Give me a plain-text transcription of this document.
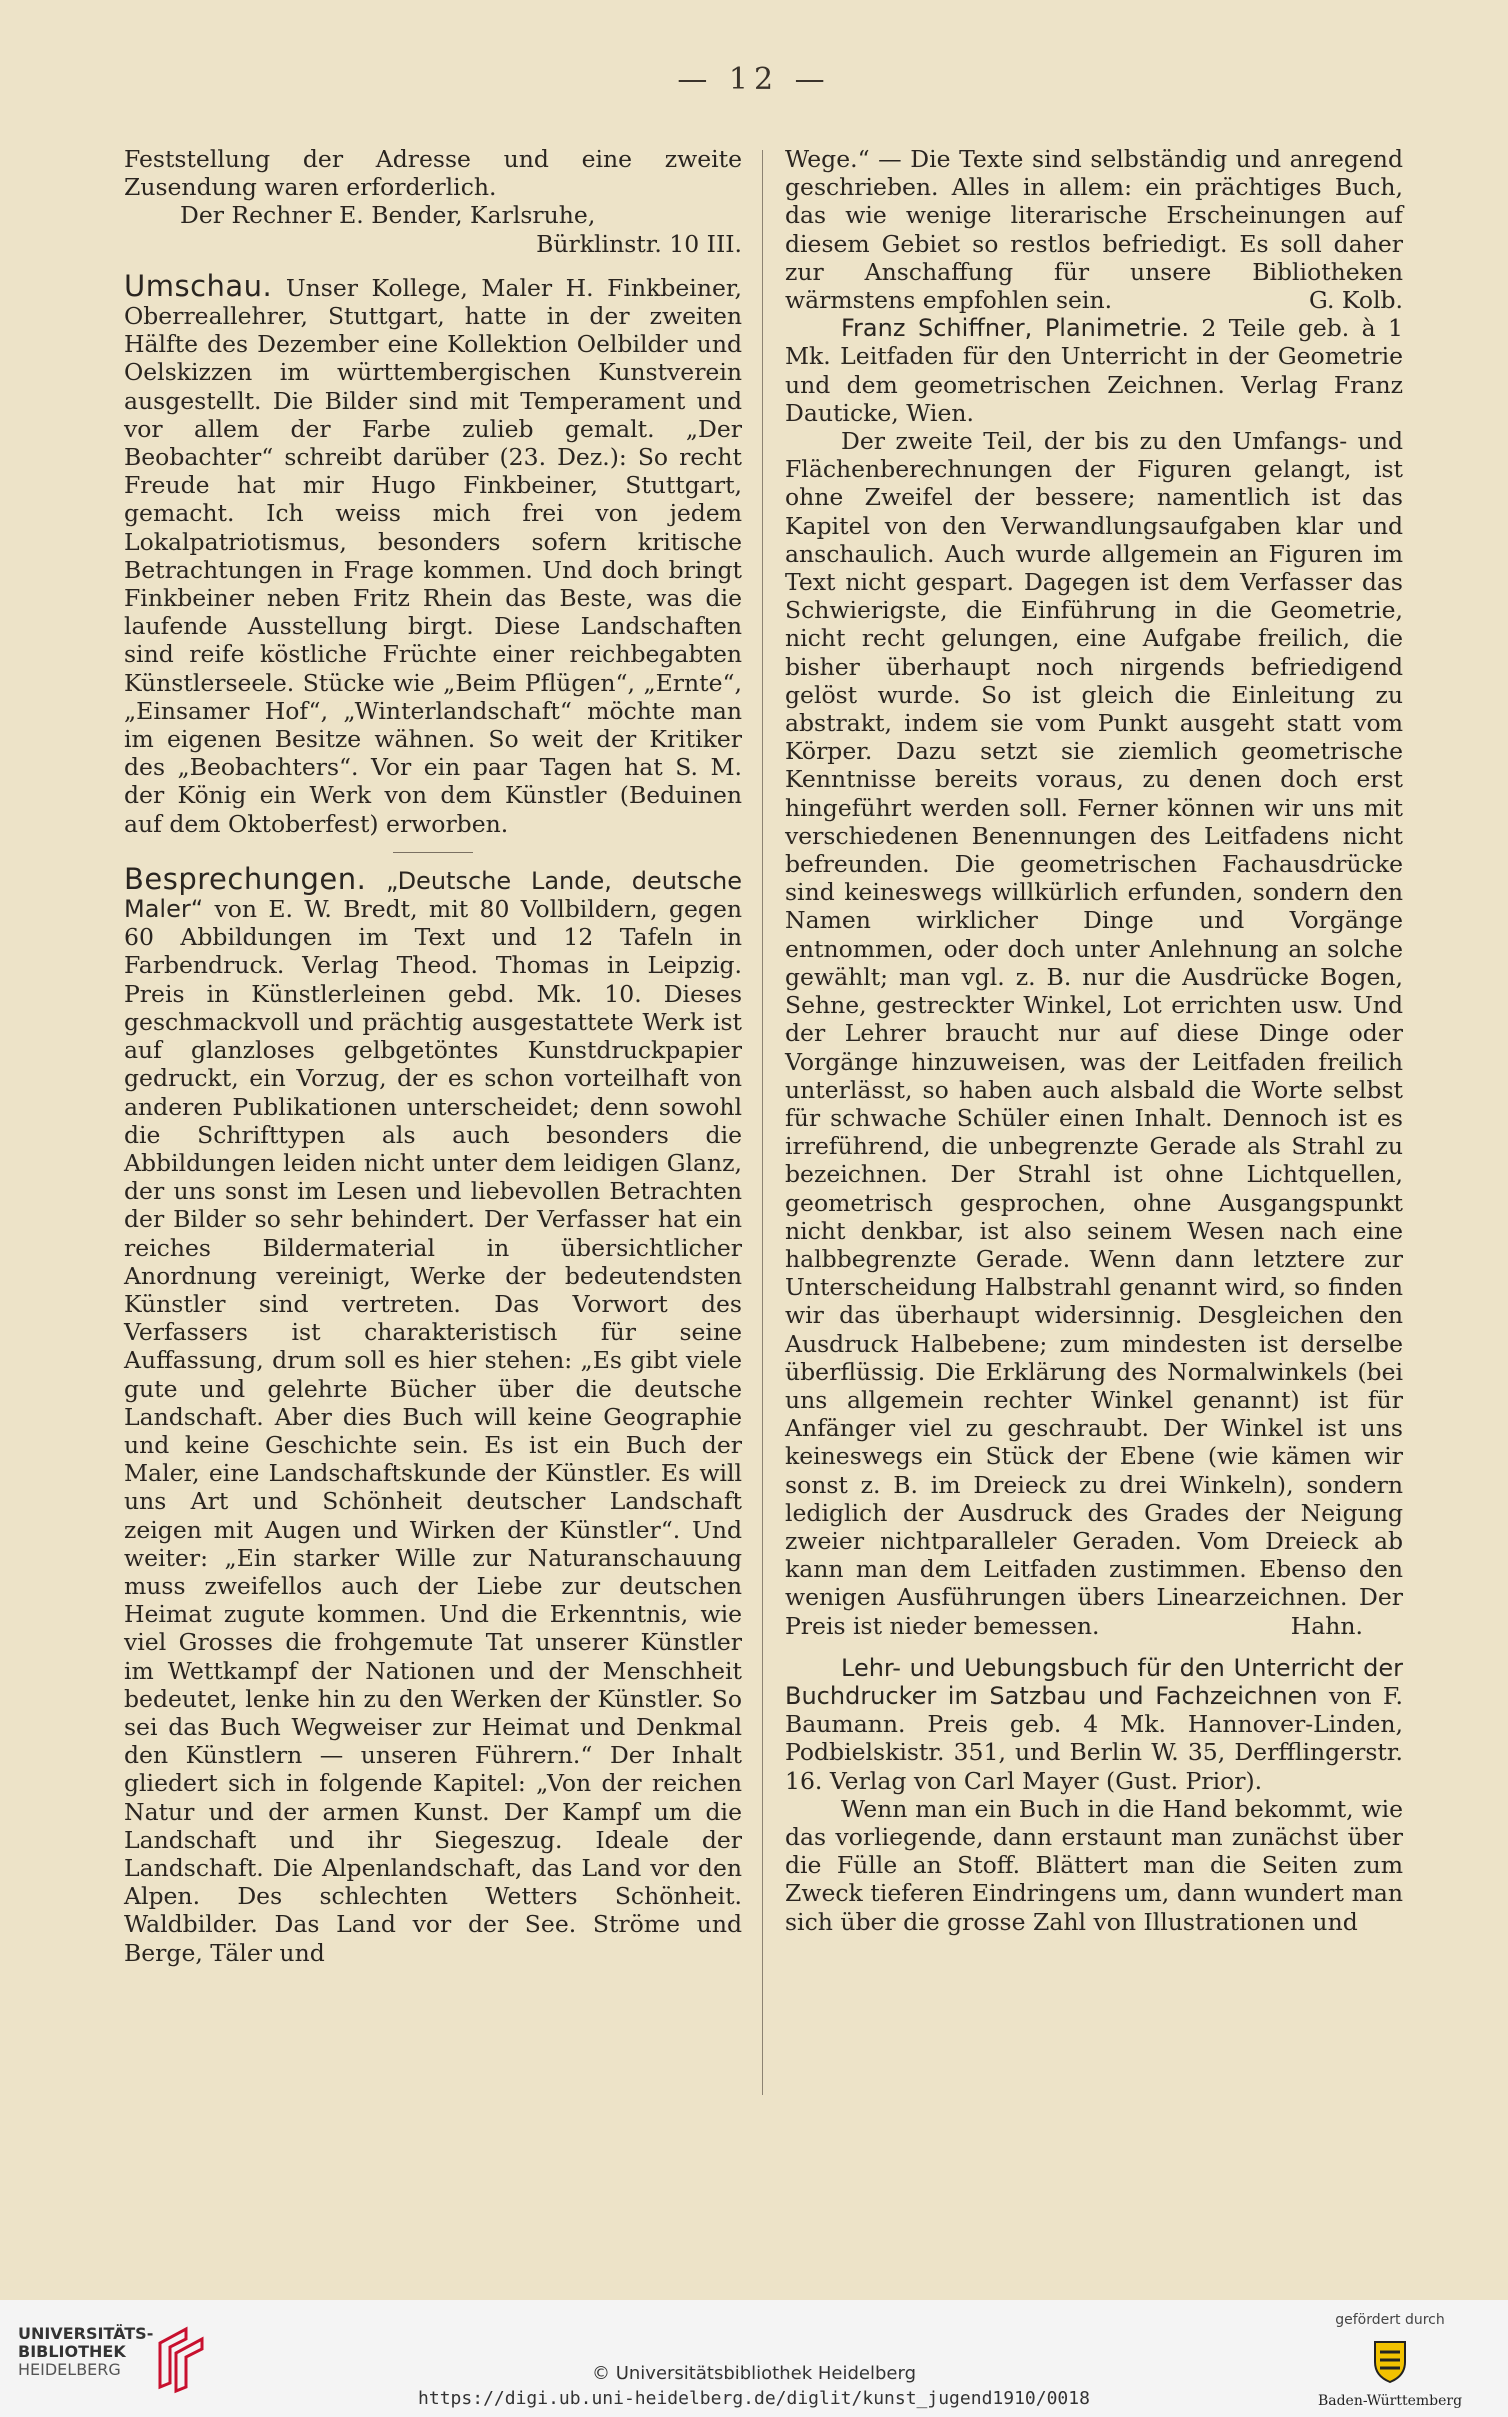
— 12 —

Feststellung der Adresse und eine zweite Zusendung waren erforderlich.

Der Rechner E. Bender, Karlsruhe,

Bürklinstr. 10 III.

Umschau. Unser Kollege, Maler H. Finkbeiner, Oberreallehrer, Stuttgart, hatte in der zweiten Hälfte des Dezember eine Kollektion Oelbilder und Oelskizzen im württembergischen Kunstverein ausgestellt. Die Bilder sind mit Temperament und vor allem der Farbe zulieb gemalt. „Der Beobachter“ schreibt darüber (23. Dez.): So recht Freude hat mir Hugo Finkbeiner, Stuttgart, gemacht. Ich weiss mich frei von jedem Lokalpatriotismus, besonders sofern kritische Betrachtungen in Frage kommen. Und doch bringt Finkbeiner neben Fritz Rhein das Beste, was die laufende Ausstellung birgt. Diese Landschaften sind reife köstliche Früchte einer reichbegabten Künstlerseele. Stücke wie „Beim Pflügen“, „Ernte“, „Einsamer Hof“, „Winterlandschaft“ möchte man im eigenen Besitze wähnen. So weit der Kritiker des „Beobachters“. Vor ein paar Tagen hat S. M. der König ein Werk von dem Künstler (Beduinen auf dem Oktoberfest) erworben.

Besprechungen. „Deutsche Lande, deutsche Maler“ von E. W. Bredt, mit 80 Vollbildern, gegen 60 Abbildungen im Text und 12 Tafeln in Farbendruck. Verlag Theod. Thomas in Leipzig. Preis in Künstlerleinen gebd. Mk. 10. Dieses geschmackvoll und prächtig ausgestattete Werk ist auf glanzloses gelbgetöntes Kunstdruckpapier gedruckt, ein Vorzug, der es schon vorteilhaft von anderen Publikationen unterscheidet; denn sowohl die Schrifttypen als auch besonders die Abbildungen leiden nicht unter dem leidigen Glanz, der uns sonst im Lesen und liebevollen Betrachten der Bilder so sehr behindert. Der Verfasser hat ein reiches Bildermaterial in übersichtlicher Anordnung vereinigt, Werke der bedeutendsten Künstler sind vertreten. Das Vorwort des Verfassers ist charakteristisch für seine Auffassung, drum soll es hier stehen: „Es gibt viele gute und gelehrte Bücher über die deutsche Landschaft. Aber dies Buch will keine Geographie und keine Geschichte sein. Es ist ein Buch der Maler, eine Landschaftskunde der Künstler. Es will uns Art und Schönheit deutscher Landschaft zeigen mit Augen und Wirken der Künstler“. Und weiter: „Ein starker Wille zur Naturanschauung muss zweifellos auch der Liebe zur deutschen Heimat zugute kommen. Und die Erkenntnis, wie viel Grosses die frohgemute Tat unserer Künstler im Wettkampf der Nationen und der Menschheit bedeutet, lenke hin zu den Werken der Künstler. So sei das Buch Wegweiser zur Heimat und Denkmal den Künstlern — unseren Führern.“ Der Inhalt gliedert sich in folgende Kapitel: „Von der reichen Natur und der armen Kunst. Der Kampf um die Landschaft und ihr Siegeszug. Ideale der Landschaft. Die Alpenlandschaft, das Land vor den Alpen. Des schlechten Wetters Schönheit. Waldbilder. Das Land vor der See. Ströme und Berge, Täler und

Wege.“ — Die Texte sind selbständig und anregend geschrieben. Alles in allem: ein prächtiges Buch, das wie wenige literarische Erscheinungen auf diesem Gebiet so restlos befriedigt. Es soll daher zur Anschaffung für unsere Bibliotheken wärmstens empfohlen sein.	G. Kolb.

Franz Schiffner, Planimetrie. 2 Teile geb. à 1 Mk. Leitfaden für den Unterricht in der Geometrie und dem geometrischen Zeichnen. Verlag Franz Dauticke, Wien.

Der zweite Teil, der bis zu den Umfangs- und Flächenberechnungen der Figuren gelangt, ist ohne Zweifel der bessere; namentlich ist das Kapitel von den Verwandlungsaufgaben klar und anschaulich. Auch wurde allgemein an Figuren im Text nicht gespart. Dagegen ist dem Verfasser das Schwierigste, die Einführung in die Geometrie, nicht recht gelungen, eine Aufgabe freilich, die bisher überhaupt noch nirgends befriedigend gelöst wurde. So ist gleich die Einleitung zu abstrakt, indem sie vom Punkt ausgeht statt vom Körper. Dazu setzt sie ziemlich geometrische Kenntnisse bereits voraus, zu denen doch erst hingeführt werden soll. Ferner können wir uns mit verschiedenen Benennungen des Leitfadens nicht befreunden. Die geometrischen Fachausdrücke sind keineswegs willkürlich erfunden, sondern den Namen wirklicher Dinge und Vorgänge entnommen, oder doch unter Anlehnung an solche gewählt; man vgl. z. B. nur die Ausdrücke Bogen, Sehne, gestreckter Winkel, Lot errichten usw. Und der Lehrer braucht nur auf diese Dinge oder Vorgänge hinzuweisen, was der Leitfaden freilich unterlässt, so haben auch alsbald die Worte selbst für schwache Schüler einen Inhalt. Dennoch ist es irreführend, die unbegrenzte Gerade als Strahl zu bezeichnen. Der Strahl ist ohne Lichtquellen, geometrisch gesprochen, ohne Ausgangspunkt nicht denkbar, ist also seinem Wesen nach eine halbbegrenzte Gerade. Wenn dann letztere zur Unterscheidung Halbstrahl genannt wird, so finden wir das überhaupt widersinnig. Desgleichen den Ausdruck Halbebene; zum mindesten ist derselbe überflüssig. Die Erklärung des Normalwinkels (bei uns allgemein rechter Winkel genannt) ist für Anfänger viel zu geschraubt. Der Winkel ist uns keineswegs ein Stück der Ebene (wie kämen wir sonst z. B. im Dreieck zu drei Winkeln), sondern lediglich der Ausdruck des Grades der Neigung zweier nichtparalleler Geraden. Vom Dreieck ab kann man dem Leitfaden zustimmen. Ebenso den wenigen Ausführungen übers Linearzeichnen. Der Preis ist nieder bemessen.	Hahn.

Lehr- und Uebungsbuch für den Unterricht der Buchdrucker im Satzbau und Fachzeichnen von F. Baumann. Preis geb. 4 Mk. Hannover-Linden, Podbielskistr. 351, und Berlin W. 35, Derfflingerstr. 16. Verlag von Carl Mayer (Gust. Prior).

Wenn man ein Buch in die Hand bekommt, wie das vorliegende, dann erstaunt man zunächst über die Fülle an Stoff. Blättert man die Seiten zum Zweck tieferen Eindringens um, dann wundert man sich über die grosse Zahl von Illustrationen und

UNIVERSITÄTS-
BIBLIOTHEK
HEIDELBERG	© Universitätsbibliothek Heidelberg
https://digi.ub.uni-heidelberg.de/diglit/kunst_jugend1910/0018
gefördert durch
Baden-Württemberg
